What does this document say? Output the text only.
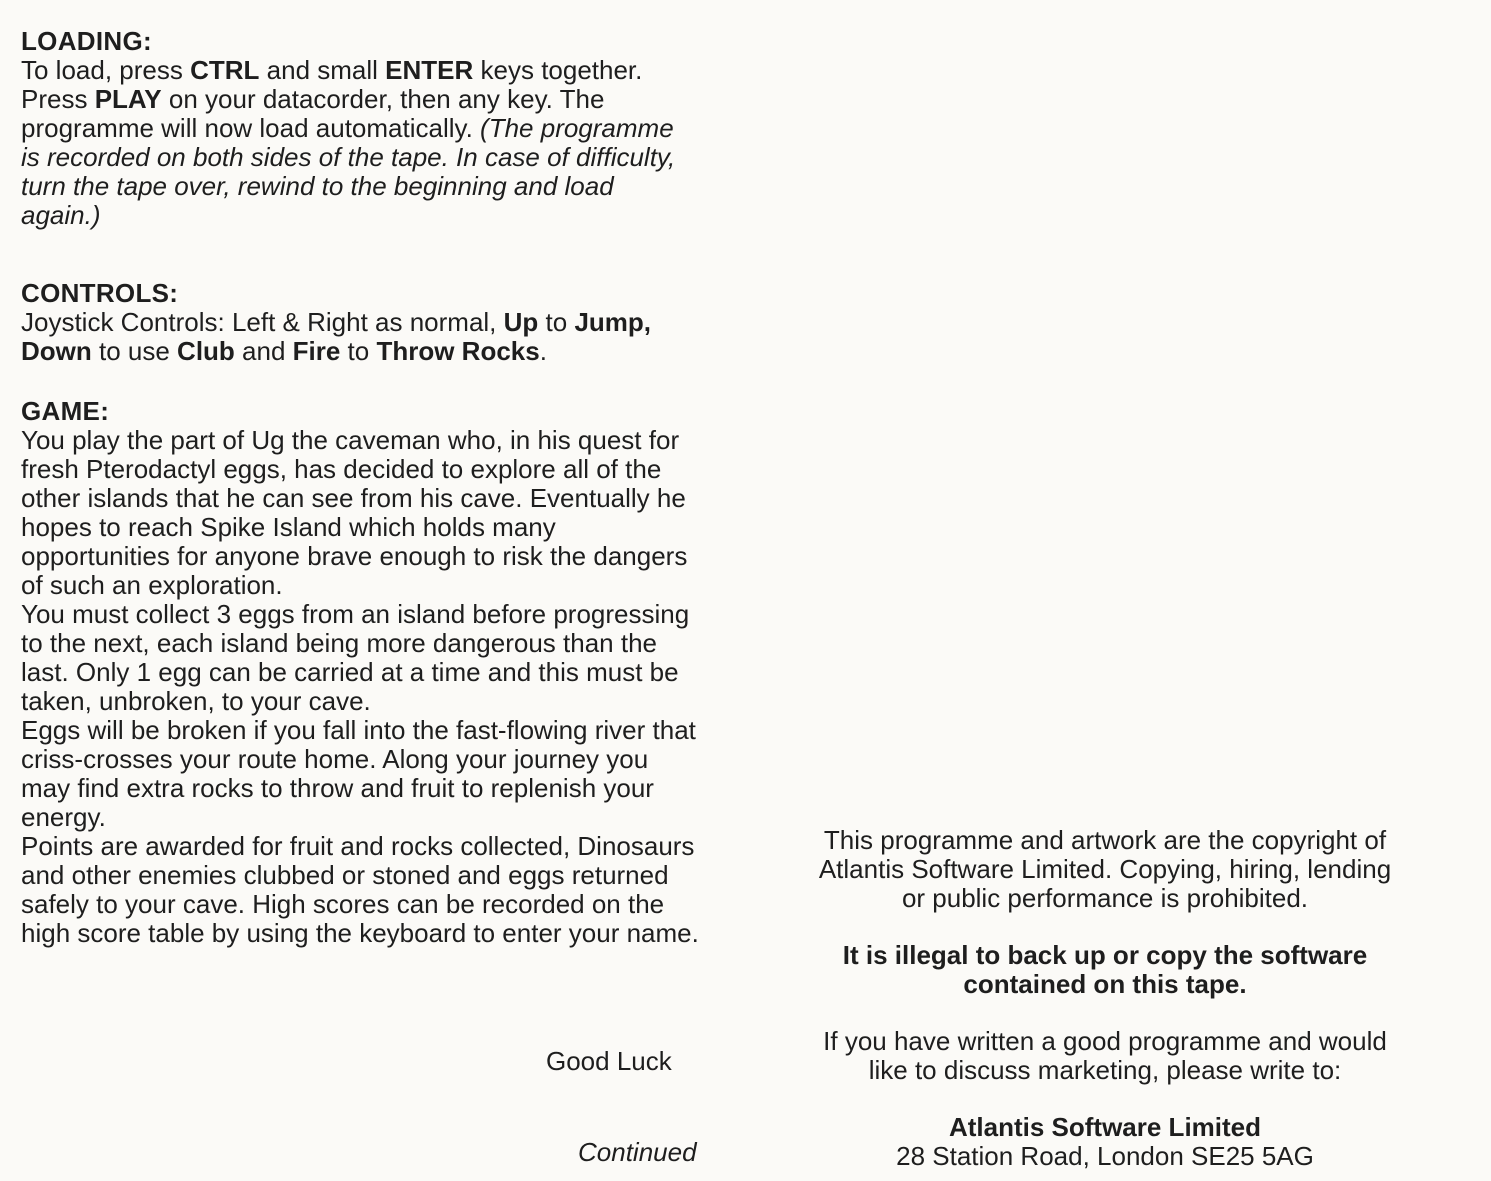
LOADING:

To load, press CTRL and small ENTER keys together. Press PLAY on your datacorder, then any key. The programme will now load automatically. (The programme is recorded on both sides of the tape. In case of difficulty, turn the tape over, rewind to the beginning and load again.)

CONTROLS:

Joystick Controls: Left & Right as normal, Up to Jump, Down to use Club and Fire to Throw Rocks.

GAME:

You play the part of Ug the caveman who, in his quest for fresh Pterodactyl eggs, has decided to explore all of the other islands that he can see from his cave. Eventually he hopes to reach Spike Island which holds many opportunities for anyone brave enough to risk the dangers of such an exploration.

You must collect 3 eggs from an island before progressing to the next, each island being more dangerous than the last. Only 1 egg can be carried at a time and this must be taken, unbroken, to your cave.

Eggs will be broken if you fall into the fast-flowing river that criss-crosses your route home. Along your journey you may find extra rocks to throw and fruit to replenish your energy.

Points are awarded for fruit and rocks collected, Dinosaurs and other enemies clubbed or stoned and eggs returned safely to your cave. High scores can be recorded on the high score table by using the keyboard to enter your name.

Good Luck
Continued

This programme and artwork are the copyright of

Atlantis Software Limited. Copying, hiring, lending

or public performance is prohibited.

It is illegal to back up or copy the software

contained on this tape.

If you have written a good programme and would

like to discuss marketing, please write to:

Atlantis Software Limited

28 Station Road, London SE25 5AG
